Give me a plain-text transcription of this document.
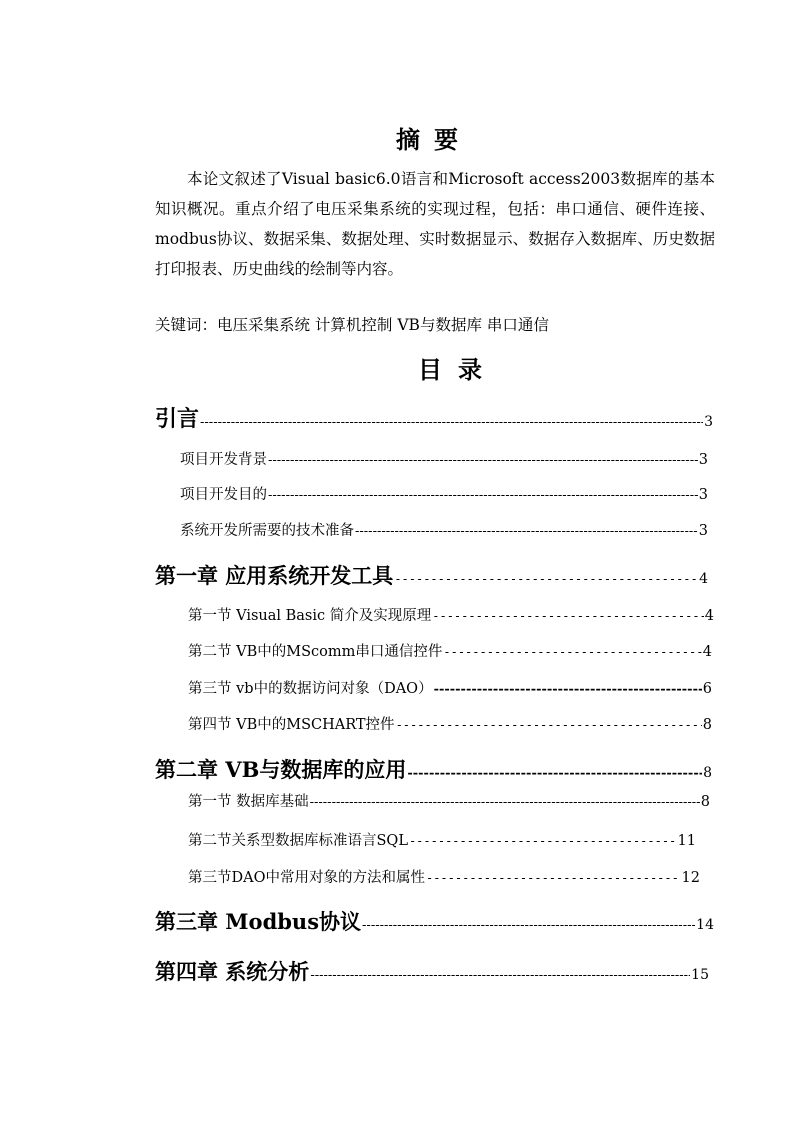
摘要

本论文叙述了Visual basic6.0语言和Microsoft access2003数据库的基本知识概况。重点介绍了电压采集系统的实现过程，包括：串口通信、硬件连接、modbus协议、数据采集、数据处理、实时数据显示、数据存入数据库、历史数据打印报表、历史曲线的绘制等内容。

关键词：电压采集系统 计算机控制 VB与数据库 串口通信
目录
引言 -----	3
项目开发背景 -----	3
项目开发目的 -----	3
系统开发所需要的技术准备 -----	3
第一章 应用系统开发工具 -----	4
第一节 Visual Basic 简介及实现原理 -----	4
第二节 VB中的MScomm串口通信控件 -----	4
第三节 vb中的数据访问对象（DAO） -----	6
第四节 VB中的MSCHART控件 -----	8
第二章 VB与数据库的应用 -----	8
第一节 数据库基础 -----	8
第二节关系型数据库标准语言SQL -----	11
第三节DAO中常用对象的方法和属性 -----	12
第三章 Modbus协议 -----	14
第四章 系统分析 -----	15
